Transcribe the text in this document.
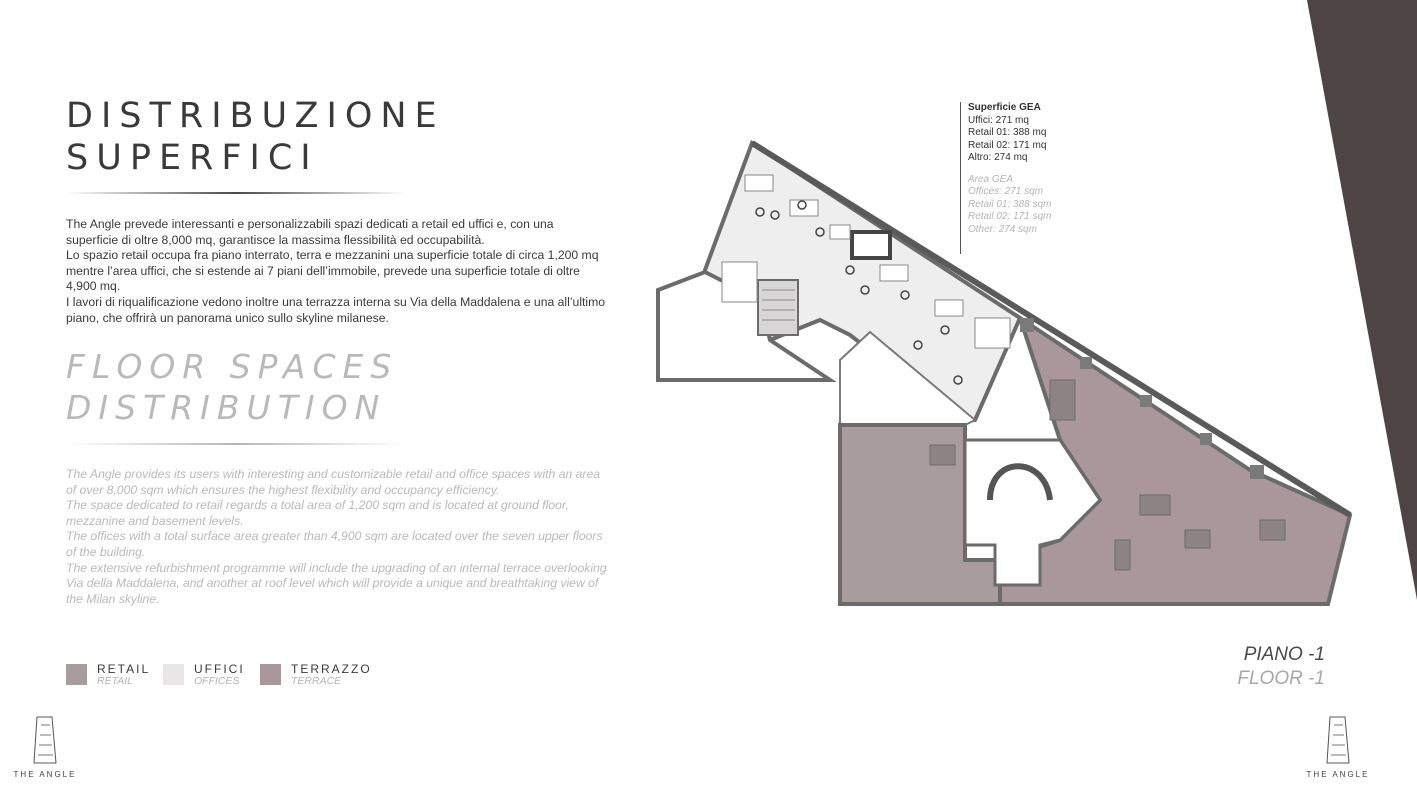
DISTRIBUZIONE
SUPERFICI

The Angle prevede interessanti e personalizzabili spazi dedicati a retail ed uffici e, con una superficie di oltre 8,000 mq, garantisce la massima flessibilità ed occupabilità.

Lo spazio retail occupa fra piano interrato, terra e mezzanini una superficie totale di circa 1,200 mq mentre l’area uffici, che si estende ai 7 piani dell’immobile, prevede una superficie totale di oltre 4,900 mq.

I lavori di riqualificazione vedono inoltre una terrazza interna su Via della Maddalena e una all’ultimo piano, che offrirà un panorama unico sullo skyline milanese.

FLOOR SPACES
DISTRIBUTION

The Angle provides its users with interesting and customizable retail and office spaces with an area of over 8,000 sqm which ensures the highest flexibility and occupancy efficiency.

The space dedicated to retail regards a total area of 1,200 sqm and is located at ground floor, mezzanine and basement levels.

The offices with a total surface area greater than 4,900 sqm are located over the seven upper floors of the building.

The extensive refurbishment programme will include the upgrading of an internal terrace overlooking Via della Maddalena, and another at roof level which will provide a unique and breathtaking view of the Milan skyline.

RETAIL
RETAIL
UFFICI
OFFICES
TERRAZZO
TERRACE
Superficie GEA
Uffici: 271 mq
Retail 01: 388 mq
Retail 02: 171 mq
Altro: 274 mq
Area GEA
Offices: 271 sqm
Retail 01: 388 sqm
Retail 02: 171 sqm
Other: 274 sqm
PIANO -1
FLOOR -1
THE ANGLE	THE ANGLE
